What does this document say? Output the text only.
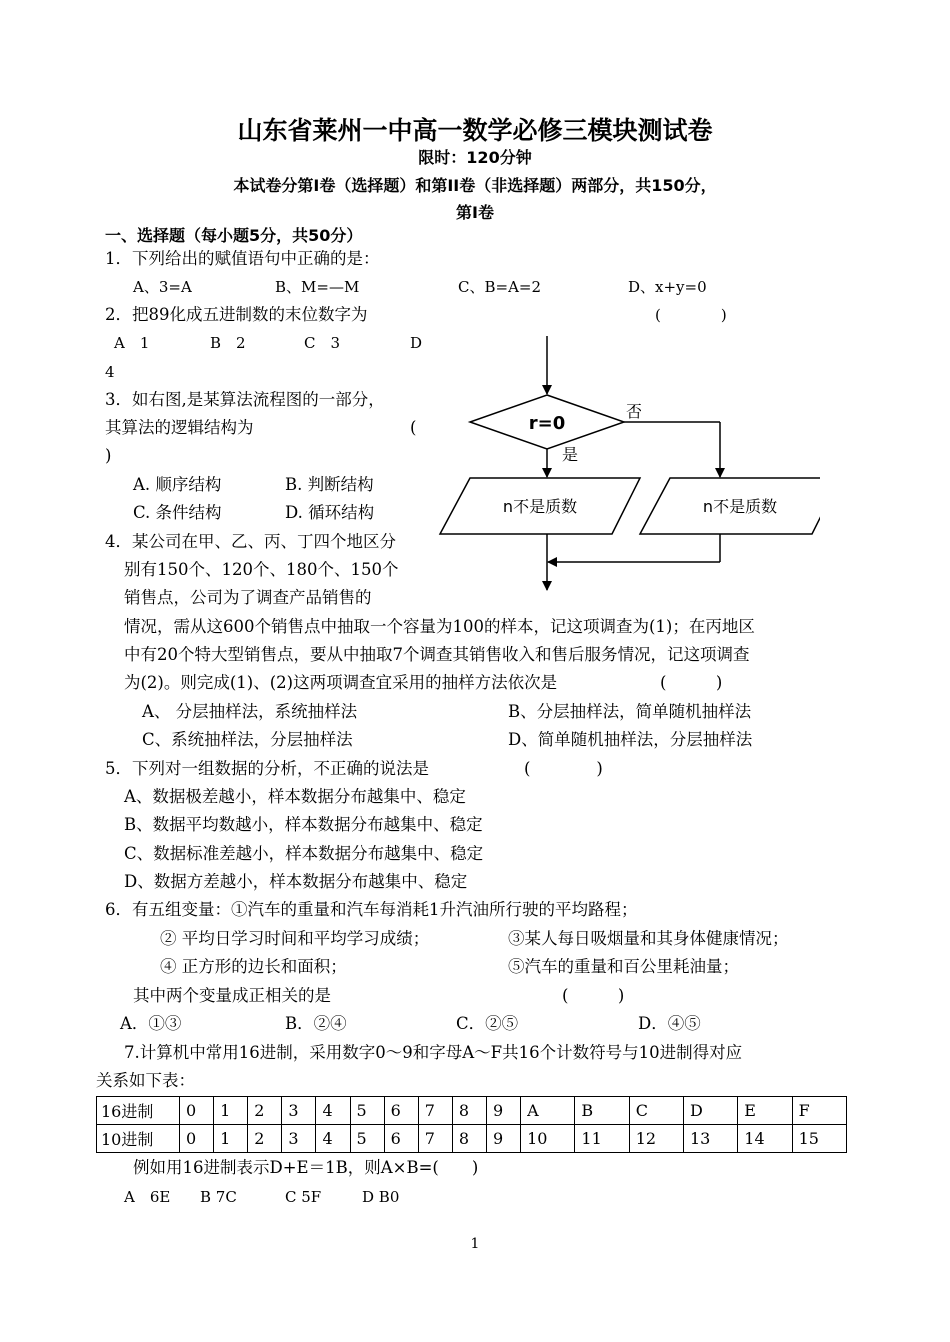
山东省莱州一中高一数学必修三模块测试卷
限时：120分钟
本试卷分第Ⅰ卷（选择题）和第II卷（非选择题）两部分，共150分，
第Ⅰ卷
一、选择题（每小题5分，共50分）
1．下列给出的赋值语句中正确的是：
A、3=A	B、M=—M	C、B=A=2	D、x+y=0
2．把89化成五进制数的末位数字为	(　　　　)
A　1	B　2	C　3	D
4
3．如右图,是某算法流程图的一部分，
其算法的逻辑结构为	(
)
A. 顺序结构	B. 判断结构
C. 条件结构	D. 循环结构
r=0
否
是
n不是质数	n不是质数
4．某公司在甲、乙、丙、丁四个地区分
别有150个、120个、180个、150个
销售点，公司为了调查产品销售的
情况，需从这600个销售点中抽取一个容量为100的样本，记这项调查为(1)；在丙地区
中有20个特大型销售点，要从中抽取7个调查其销售收入和售后服务情况，记这项调查
为(2)。则完成(1)、(2)这两项调查宜采用的抽样方法依次是	(　　　)
A、 分层抽样法，系统抽样法	B、分层抽样法，简单随机抽样法
C、系统抽样法，分层抽样法	D、简单随机抽样法，分层抽样法
5．下列对一组数据的分析，不正确的说法是	(　　　　)
A、数据极差越小，样本数据分布越集中、稳定
B、数据平均数越小，样本数据分布越集中、稳定
C、数据标准差越小，样本数据分布越集中、稳定
D、数据方差越小，样本数据分布越集中、稳定
6．有五组变量：①汽车的重量和汽车每消耗1升汽油所行驶的平均路程；
② 平均日学习时间和平均学习成绩；	③某人每日吸烟量和其身体健康情况；
④ 正方形的边长和面积；	⑤汽车的重量和百公里耗油量；
其中两个变量成正相关的是	(　　　)
A．①③	B．②④	C．②⑤	D．④⑤
7.计算机中常用16进制，采用数字0～9和字母A～F共16个计数符号与10进制得对应
关系如下表：
16进制	0	1	2	3	4	5	6	7	8	9	A	B	C	D	E	F
10进制	0	1	2	3	4	5	6	7	8	9	10	11	12	13	14	15
例如用16进制表示D+E＝1B，则A×B=(　　)
A　6E B 7C	C 5F	D B0
1
